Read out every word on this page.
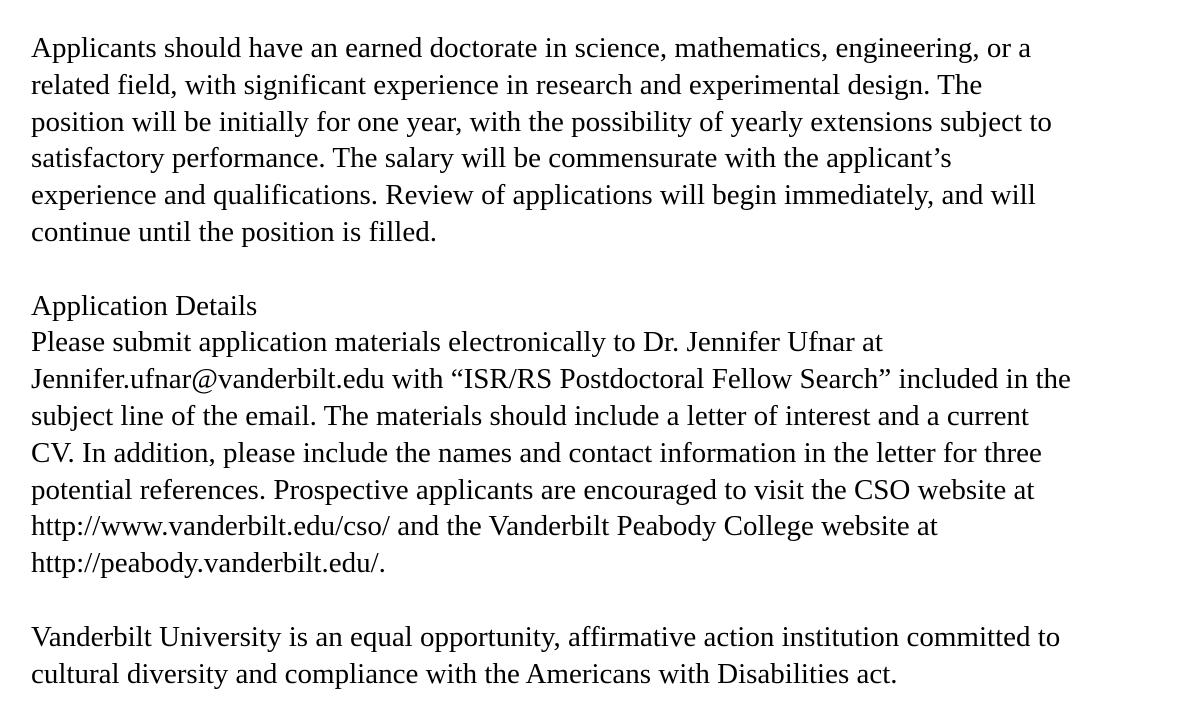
Applicants should have an earned doctorate in science, mathematics, engineering, or a
related field, with significant experience in research and experimental design. The
position will be initially for one year, with the possibility of yearly extensions subject to
satisfactory performance. The salary will be commensurate with the applicant’s
experience and qualifications. Review of applications will begin immediately, and will
continue until the position is filled.
Application Details
Please submit application materials electronically to Dr. Jennifer Ufnar at
Jennifer.ufnar@vanderbilt.edu with “ISR/RS Postdoctoral Fellow Search” included in the
subject line of the email. The materials should include a letter of interest and a current
CV. In addition, please include the names and contact information in the letter for three
potential references. Prospective applicants are encouraged to visit the CSO website at
http://www.vanderbilt.edu/cso/ and the Vanderbilt Peabody College website at
http://peabody.vanderbilt.edu/.
Vanderbilt University is an equal opportunity, affirmative action institution committed to
cultural diversity and compliance with the Americans with Disabilities act.
